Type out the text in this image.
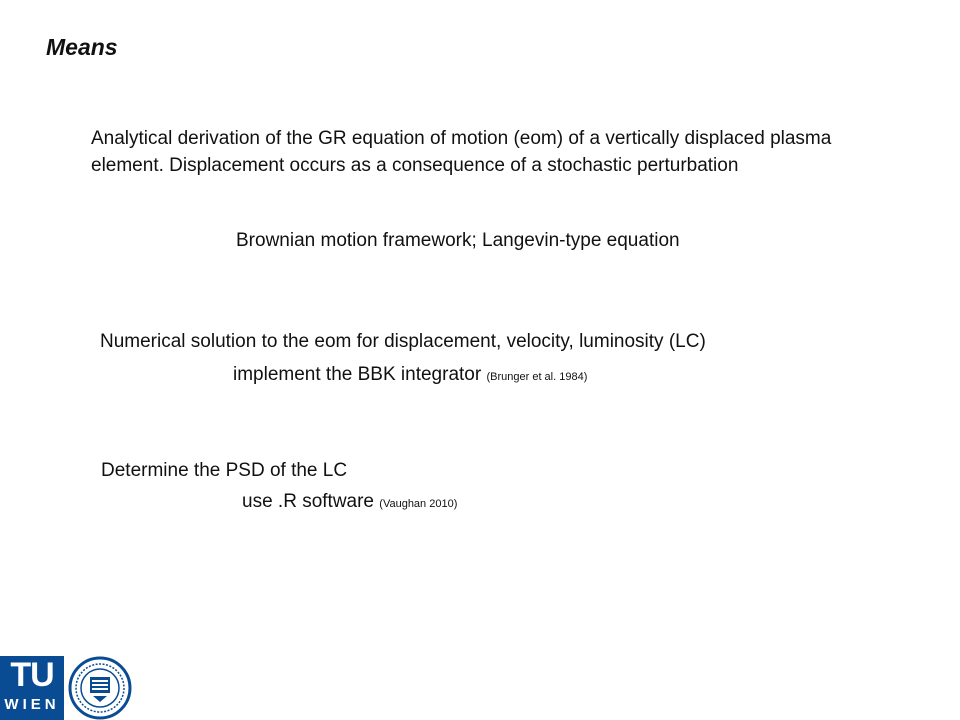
Means
Analytical derivation of the GR equation of motion (eom) of a vertically displaced plasma element. Displacement occurs as a consequence of a stochastic perturbation
Brownian motion framework; Langevin-type equation
Numerical solution to the eom for displacement, velocity, luminosity (LC)
implement the BBK integrator (Brunger et al. 1984)
Determine the PSD of the LC
use .R software (Vaughan 2010)
TU
WIEN
